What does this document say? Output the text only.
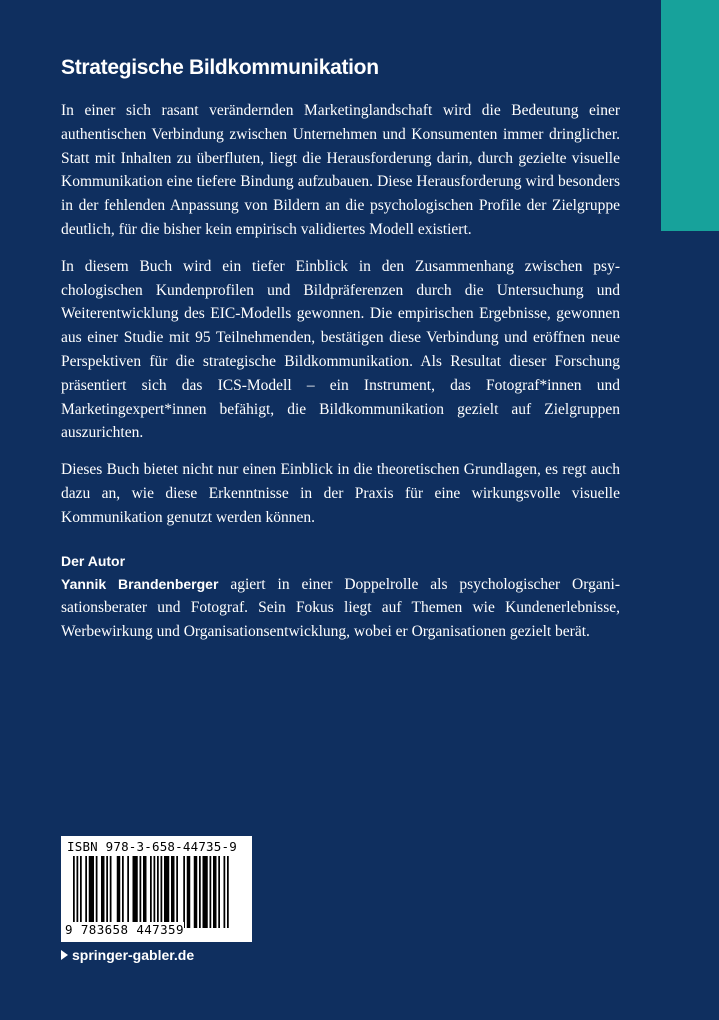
Strategische Bildkommunikation

In einer sich rasant verändernden Marketinglandschaft wird die Bedeutung einer authentischen Verbindung zwischen Unternehmen und Konsumenten immer dringlicher. Statt mit Inhalten zu überfluten, liegt die Herausforderung darin, durch gezielte visuelle Kommunikation eine tiefere Bindung aufzubauen. Diese Herausforderung wird besonders in der fehlenden Anpassung von Bildern an die psychologischen Profile der Zielgruppe deutlich, für die bisher kein empirisch validiertes Modell existiert.

In diesem Buch wird ein tiefer Einblick in den Zusammenhang zwischen psychologischen Kundenprofilen und Bildpräferenzen durch die Untersuchung und Weiterentwicklung des EIC-Modells gewonnen. Die empirischen Ergebnisse, gewonnen aus einer Studie mit 95 Teilnehmenden, bestätigen diese Verbindung und eröffnen neue Perspektiven für die strategische Bildkommunikation. Als Resultat dieser Forschung präsentiert sich das ICS-Modell – ein Instrument, das Fotograf*innen und Marketingexpert*innen befähigt, die Bildkommunikation gezielt auf Zielgruppen auszurichten.

Dieses Buch bietet nicht nur einen Einblick in die theoretischen Grundlagen, es regt auch dazu an, wie diese Erkenntnisse in der Praxis für eine wirkungsvolle visuelle Kommunikation genutzt werden können.

Der Autor

Yannik Brandenberger agiert in einer Doppelrolle als psychologischer Organisationsberater und Fotograf. Sein Fokus liegt auf Themen wie Kundenerlebnisse, Werbewirkung und Organisationsentwicklung, wobei er Organisationen gezielt berät.

ISBN 978-3-658-44735-9
9 783658 447359
springer-gabler.de
